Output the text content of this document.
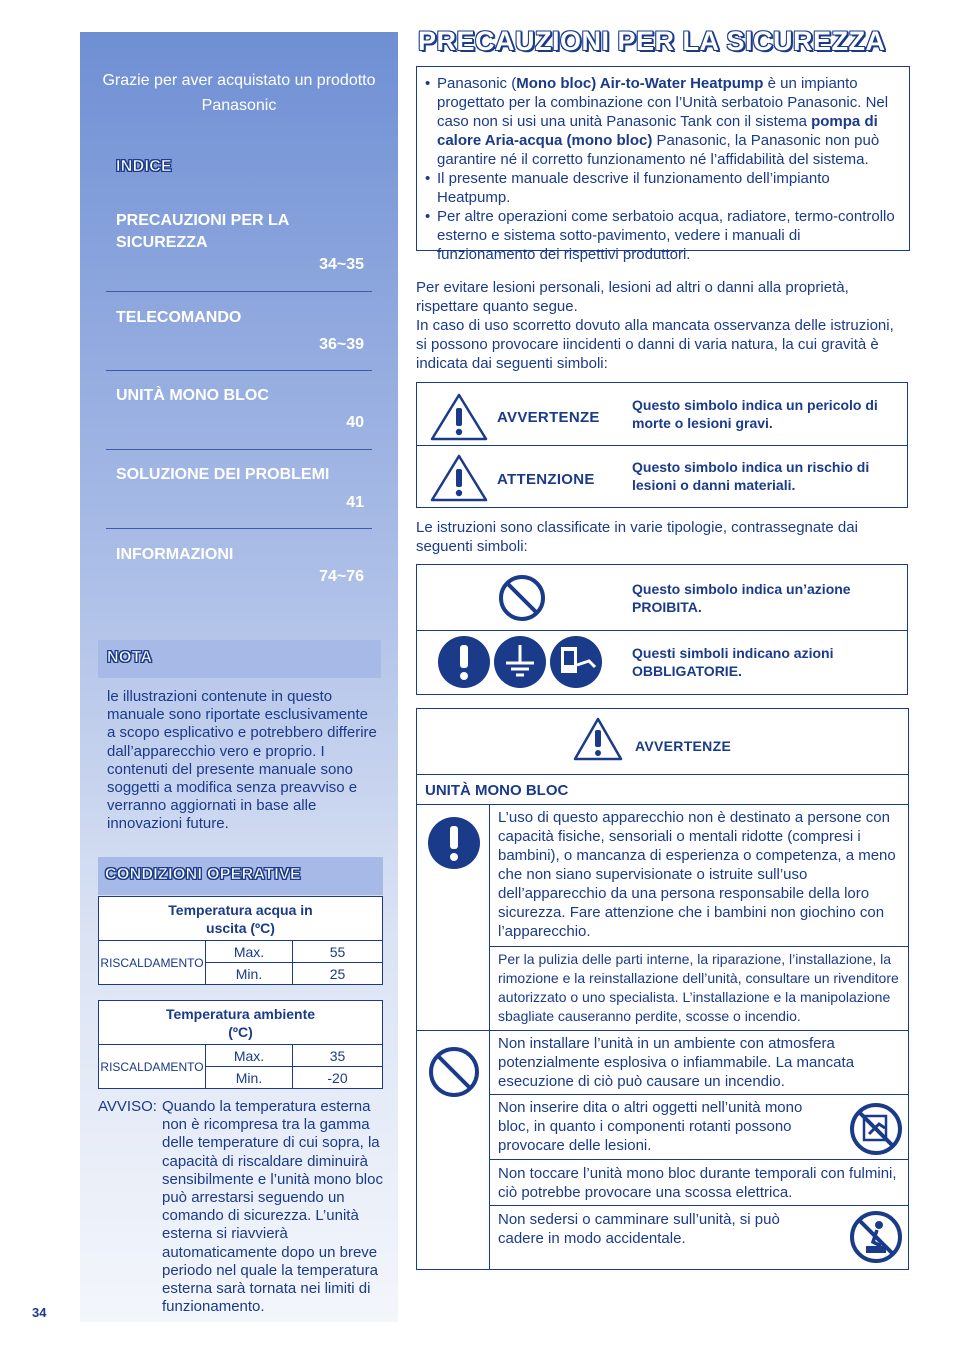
Grazie per aver acquistato un prodotto Panasonic
INDICE
PRECAUZIONI PER LA SICUREZZA
34~35
TELECOMANDO
36~39
UNITÀ MONO BLOC
40
SOLUZIONE DEI PROBLEMI
41
INFORMAZIONI
74~76
NOTA
le illustrazioni contenute in questo manuale sono riportate esclusivamente a scopo esplicativo e potrebbero differire dall’apparecchio vero e proprio. I contenuti del presente manuale sono soggetti a modifica senza preavviso e verranno aggiornati in base alle innovazioni future.
CONDIZIONI OPERATIVE
Temperatura acqua in uscita (ºC)		

RISCALDAMENTO	Max.	55
	Min.	25
Temperatura ambiente (ºC)		

RISCALDAMENTO	Max.	35
	Min.	-20
AVVISO: Quando la temperatura esterna non è ricompresa tra la gamma delle temperature di cui sopra, la capacità di riscaldare diminuirà sensibilmente e l’unità mono bloc può arrestarsi seguendo un comando di sicurezza. L’unità esterna si riavvierà automaticamente dopo un breve periodo nel quale la temperatura esterna sarà tornata nei limiti di funzionamento.
34
PRECAUZIONI PER LA SICUREZZA
• Panasonic (Mono bloc) Air-to-Water Heatpump è un impianto progettato per la combinazione con l’Unità serbatoio Panasonic. Nel caso non si usi una unità Panasonic Tank con il sistema pompa di calore Aria-acqua (mono bloc) Panasonic, la Panasonic non può garantire né il corretto funzionamento né l’affidabilità del sistema.
• Il presente manuale descrive il funzionamento dell’impianto Heatpump.
• Per altre operazioni come serbatoio acqua, radiatore, termo-controllo esterno e sistema sotto-pavimento, vedere i manuali di funzionamento dei rispettivi produttori.
Per evitare lesioni personali, lesioni ad altri o danni alla proprietà, rispettare quanto segue.
In caso di uso scorretto dovuto alla mancata osservanza delle istruzioni, si possono provocare iincidenti o danni di varia natura, la cui gravità è indicata dai seguenti simboli:
AVVERTENZE
Questo simbolo indica un pericolo di morte o lesioni gravi.
ATTENZIONE
Questo simbolo indica un rischio di lesioni o danni materiali.
Le istruzioni sono classificate in varie tipologie, contrassegnate dai seguenti simboli:
Questo simbolo indica un’azione PROIBITA.
Questi simboli indicano azioni OBBLIGATORIE.
AVVERTENZE
UNITÀ MONO BLOC
L’uso di questo apparecchio non è destinato a persone con capacità fisiche, sensoriali o mentali ridotte (compresi i bambini), o mancanza di esperienza o competenza, a meno che non siano supervisionate o istruite sull’uso dell’apparecchio da una persona responsabile della loro sicurezza. Fare attenzione che i bambini non giochino con l’apparecchio.
Per la pulizia delle parti interne, la riparazione, l’installazione, la rimozione e la reinstallazione dell’unità, consultare un rivenditore autorizzato o uno specialista. L’installazione e la manipolazione sbagliate causeranno perdite, scosse o incendio.
Non installare l’unità in un ambiente con atmosfera potenzialmente esplosiva o infiammabile. La mancata esecuzione di ciò può causare un incendio.
Non inserire dita o altri oggetti nell’unità mono bloc, in quanto i componenti rotanti possono provocare delle lesioni.
Non toccare l’unità mono bloc durante temporali con fulmini, ciò potrebbe provocare una scossa elettrica.
Non sedersi o camminare sull’unità, si può cadere in modo accidentale.
